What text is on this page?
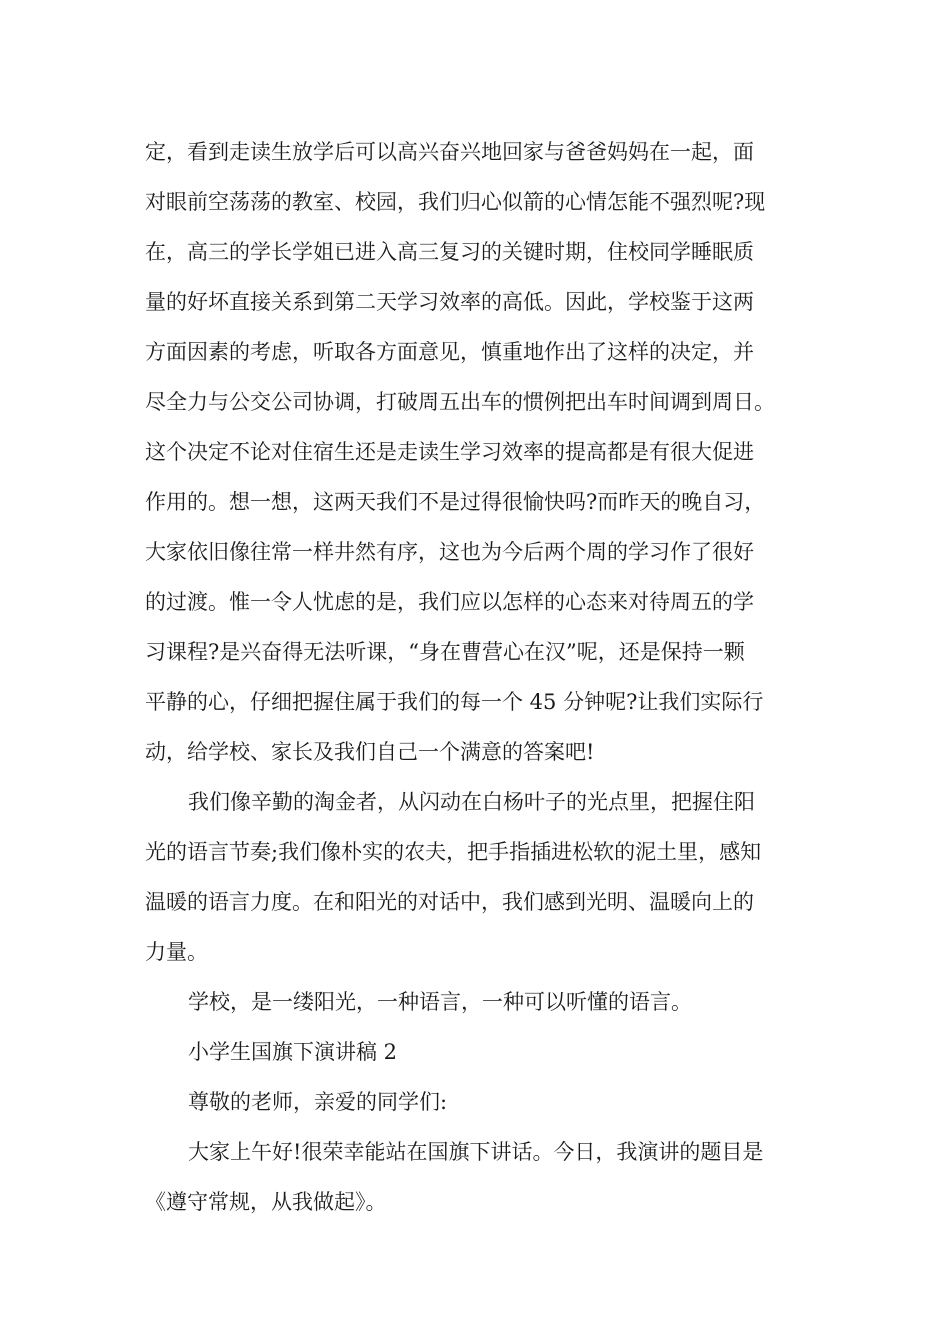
定，看到走读生放学后可以高兴奋兴地回家与爸爸妈妈在一起，面
对眼前空荡荡的教室、校园，我们归心似箭的心情怎能不强烈呢?现
在，高三的学长学姐已进入高三复习的关键时期，住校同学睡眠质
量的好坏直接关系到第二天学习效率的高低。因此，学校鉴于这两
方面因素的考虑，听取各方面意见，慎重地作出了这样的决定，并
尽全力与公交公司协调，打破周五出车的惯例把出车时间调到周日。
这个决定不论对住宿生还是走读生学习效率的提高都是有很大促进
作用的。想一想，这两天我们不是过得很愉快吗?而昨天的晚自习，
大家依旧像往常一样井然有序，这也为今后两个周的学习作了很好
的过渡。惟一令人忧虑的是，我们应以怎样的心态来对待周五的学
习课程?是兴奋得无法听课，“身在曹营心在汉”呢，还是保持一颗
平静的心，仔细把握住属于我们的每一个 45 分钟呢?让我们实际行
动，给学校、家长及我们自己一个满意的答案吧!
我们像辛勤的淘金者，从闪动在白杨叶子的光点里，把握住阳
光的语言节奏;我们像朴实的农夫，把手指插进松软的泥土里，感知
温暖的语言力度。在和阳光的对话中，我们感到光明、温暖向上的
力量。
学校，是一缕阳光，一种语言，一种可以听懂的语言。
小学生国旗下演讲稿 2
尊敬的老师，亲爱的同学们:
大家上午好!很荣幸能站在国旗下讲话。今日，我演讲的题目是
《遵守常规，从我做起》。
